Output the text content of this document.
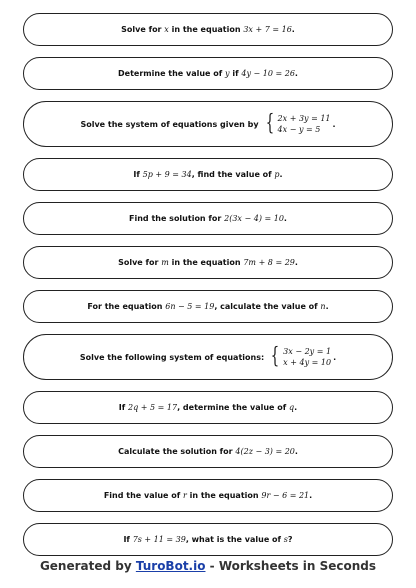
Solve for x in the equation 3x + 7 = 16.
Determine the value of y if 4y − 10 = 26.
Solve the system of equations given by { 2x + 3y = 11
4x − y = 5
.
If 5p + 9 = 34, find the value of p.
Find the solution for 2(3x − 4) = 10.
Solve for m in the equation 7m + 8 = 29.
For the equation 6n − 5 = 19, calculate the value of n.
Solve the following system of equations: { 3x − 2y = 1
x + 4y = 10
.
If 2q + 5 = 17, determine the value of q.
Calculate the solution for 4(2z − 3) = 20.
Find the value of r in the equation 9r − 6 = 21.
If 7s + 11 = 39, what is the value of s?
Generated by TuroBot.io - Worksheets in Seconds
